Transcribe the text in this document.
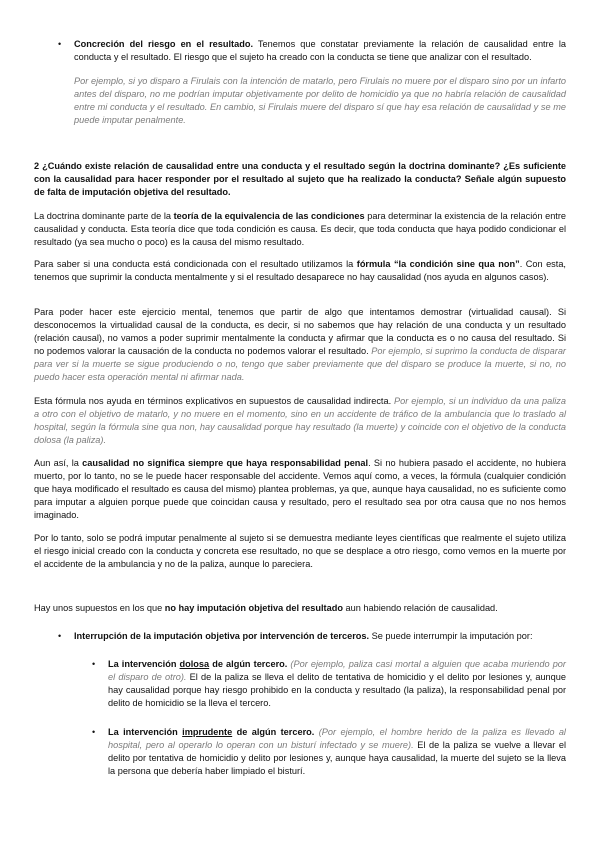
• Concreción del riesgo en el resultado. Tenemos que constatar previamente la relación de causalidad entre la conducta y el resultado. El riesgo que el sujeto ha creado con la conducta se tiene que analizar con el resultado.

Por ejemplo, si yo disparo a Firulais con la intención de matarlo, pero Firulais no muere por el disparo sino por un infarto antes del disparo, no me podrían imputar objetivamente por delito de homicidio ya que no habría relación de causalidad entre mi conducta y el resultado. En cambio, si Firulais muere del disparo sí que hay esa relación de causalidad y se me puede imputar penalmente.

2 ¿Cuándo existe relación de causalidad entre una conducta y el resultado según la doctrina dominante? ¿Es suficiente con la causalidad para hacer responder por el resultado al sujeto que ha realizado la conducta? Señale algún supuesto de falta de imputación objetiva del resultado.

La doctrina dominante parte de la teoría de la equivalencia de las condiciones para determinar la existencia de la relación entre causalidad y conducta. Esta teoría dice que toda condición es causa. Es decir, que toda conducta que haya podido condicionar el resultado (ya sea mucho o poco) es la causa del mismo resultado.

Para saber si una conducta está condicionada con el resultado utilizamos la fórmula “la condición sine qua non”. Con esta, tenemos que suprimir la conducta mentalmente y si el resultado desaparece no hay causalidad (nos ayuda en algunos casos).

Para poder hacer este ejercicio mental, tenemos que partir de algo que intentamos demostrar (virtualidad causal). Si desconocemos la virtualidad causal de la conducta, es decir, si no sabemos que hay relación de una conducta y un resultado (relación causal), no vamos a poder suprimir mentalmente la conducta y afirmar que la conducta es o no causa del resultado. Si no podemos valorar la causación de la conducta no podemos valorar el resultado. Por ejemplo, si suprimo la conducta de disparar para ver si la muerte se sigue produciendo o no, tengo que saber previamente que del disparo se produce la muerte, si no, no puedo hacer esta operación mental ni afirmar nada.

Esta fórmula nos ayuda en términos explicativos en supuestos de causalidad indirecta. Por ejemplo, si un individuo da una paliza a otro con el objetivo de matarlo, y no muere en el momento, sino en un accidente de tráfico de la ambulancia que lo traslado al hospital, según la fórmula sine qua non, hay causalidad porque hay resultado (la muerte) y coincide con el objetivo de la conducta dolosa (la paliza).

Aun así, la causalidad no significa siempre que haya responsabilidad penal. Si no hubiera pasado el accidente, no hubiera muerto, por lo tanto, no se le puede hacer responsable del accidente. Vemos aquí como, a veces, la fórmula (cualquier condición que haya modificado el resultado es causa del mismo) plantea problemas, ya que, aunque haya causalidad, no es suficiente como para imputar a alguien porque puede que coincidan causa y resultado, pero el resultado sea por otra causa que no nos hemos imaginado.

Por lo tanto, solo se podrá imputar penalmente al sujeto si se demuestra mediante leyes científicas que realmente el sujeto utiliza el riesgo inicial creado con la conducta y concreta ese resultado, no que se desplace a otro riesgo, como vemos en la muerte por el accidente de la ambulancia y no de la paliza, aunque lo pareciera.

Hay unos supuestos en los que no hay imputación objetiva del resultado aun habiendo relación de causalidad.

• Interrupción de la imputación objetiva por intervención de terceros. Se puede interrumpir la imputación por:

• La intervención dolosa de algún tercero. (Por ejemplo, paliza casi mortal a alguien que acaba muriendo por el disparo de otro). El de la paliza se lleva el delito de tentativa de homicidio y el delito por lesiones y, aunque hay causalidad porque hay riesgo prohibido en la conducta y resultado (la paliza), la responsabilidad penal por delito de homicidio se la lleva el tercero.

• La intervención imprudente de algún tercero. (Por ejemplo, el hombre herido de la paliza es llevado al hospital, pero al operarlo lo operan con un bisturí infectado y se muere). El de la paliza se vuelve a llevar el delito por tentativa de homicidio y delito por lesiones y, aunque haya causalidad, la muerte del sujeto se la lleva la persona que debería haber limpiado el bisturí.
